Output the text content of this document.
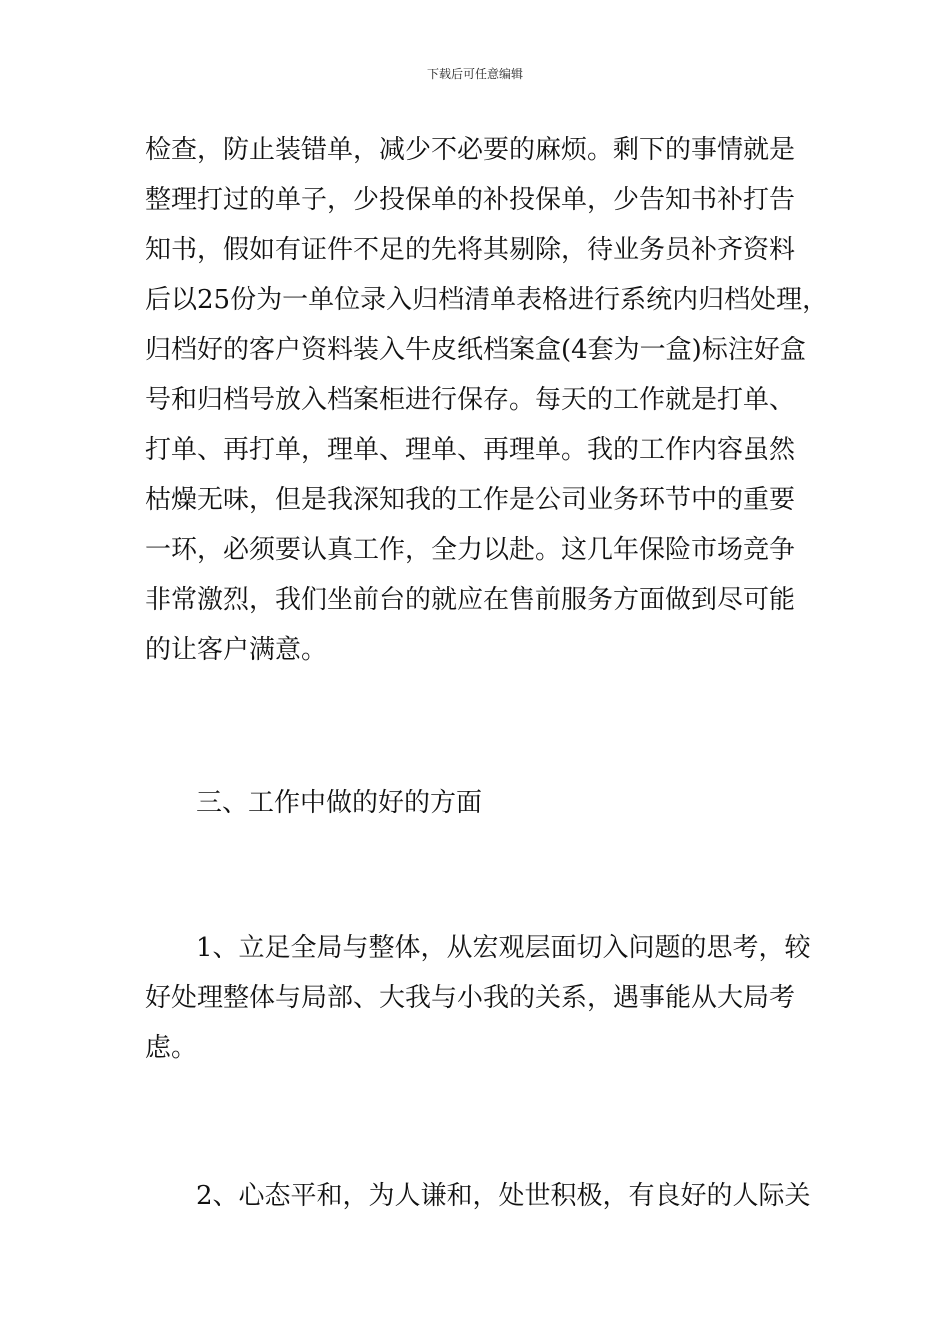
下载后可任意编辑
检查，防止装错单，减少不必要的麻烦。剩下的事情就是
整理打过的单子，少投保单的补投保单，少告知书补打告
知书，假如有证件不足的先将其剔除，待业务员补齐资料
后以25份为一单位录入归档清单表格进行系统内归档处理，
归档好的客户资料装入牛皮纸档案盒(4套为一盒)标注好盒
号和归档号放入档案柜进行保存。每天的工作就是打单、
打单、再打单，理单、理单、再理单。我的工作内容虽然
枯燥无味，但是我深知我的工作是公司业务环节中的重要
一环，必须要认真工作，全力以赴。这几年保险市场竞争
非常激烈，我们坐前台的就应在售前服务方面做到尽可能
的让客户满意。
三、工作中做的好的方面
1、立足全局与整体，从宏观层面切入问题的思考，较
好处理整体与局部、大我与小我的关系，遇事能从大局考
虑。
2、心态平和，为人谦和，处世积极，有良好的人际关
